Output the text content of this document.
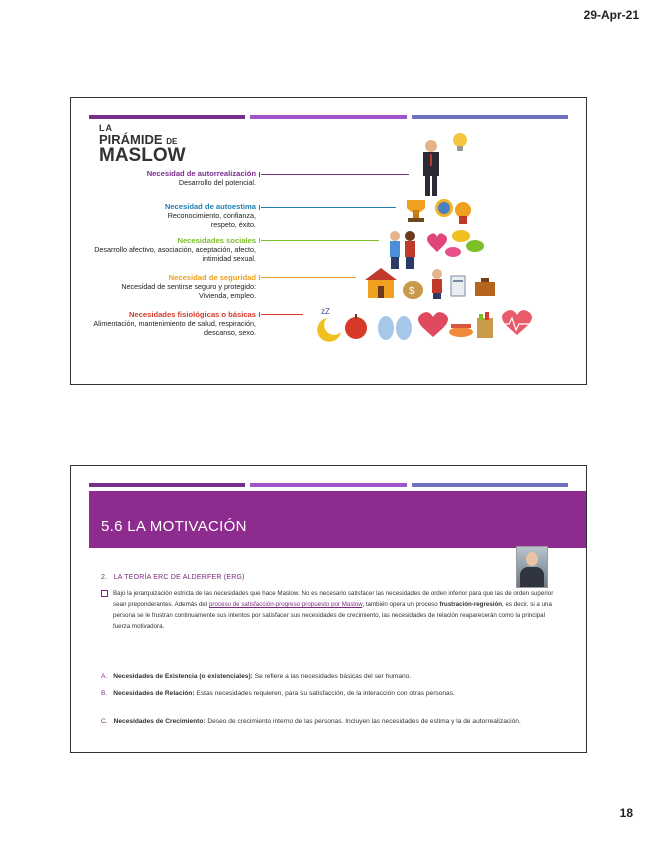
29-Apr-21
LA
PIRÁMIDE DE
MASLOW
Necesidad de autorrealización
Desarrollo del potencial.
Necesidad de autoestima
Reconocimiento, confianza, respeto, éxito.
Necesidades sociales
Desarrollo afectivo, asociación, aceptación, afecto, intimidad sexual.
Necesidad de seguridad
Necesidad de sentirse seguro y protegido: Vivienda, empleo.
Necesidades fisiológicas o básicas
Alimentación, mantenimiento de salud, respiración, descanso, sexo.
$
zZ
5.6 LA MOTIVACIÓN
2. LA TEORÍA ERC DE ALDERFER (ERG)
Bajo la jerarquización estricta de las necesidades que hace Maslow. No es necesario satisfacer las necesidades de orden inferior para que las de orden superior sean preponderantes. Además del proceso de satisfacción-progreso propuesto por Maslow, también opera un proceso frustración-regresión, es decir, si a una persona se le frustran continuamente sus intentos por satisfacer sus necesidades de crecimiento, las necesidades de relación reaparecerán como la principal fuerza motivadora.
A. Necesidades de Existencia (o existenciales): Se refiere a las necesidades básicas del ser humano.
B. Necesidades de Relación: Estas necesidades requieren, para su satisfacción, de la interacción con otras personas.
C. Necesidades de Crecimiento: Deseo de crecimiento interno de las personas. Incluyen las necesidades de estima y la de autorrealización.
18
